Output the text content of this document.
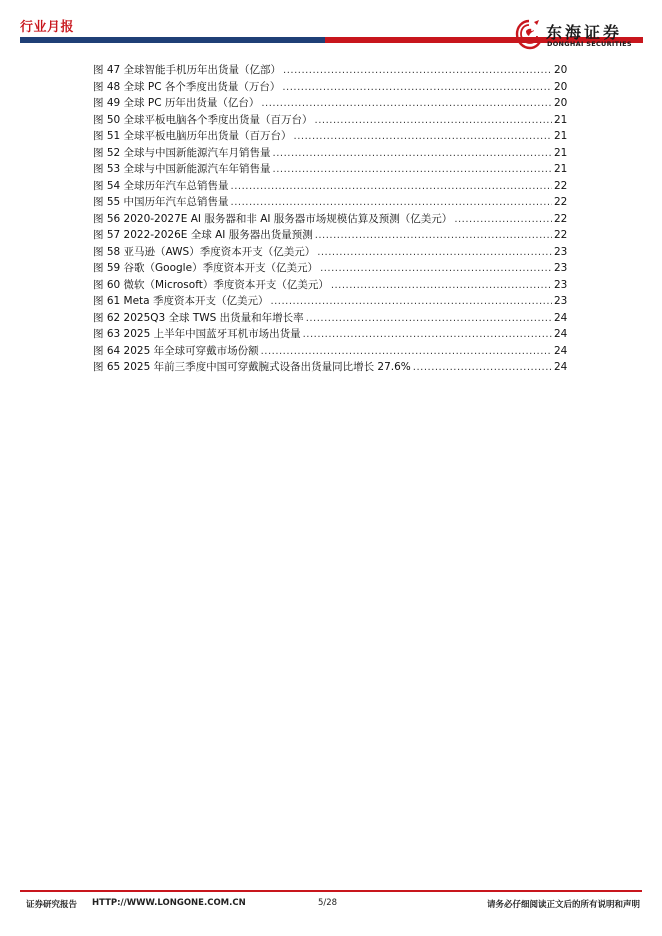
行业月报	东海证券
DONGHAI SECURITIES
图 47 全球智能手机历年出货量（亿部） .....	20
图 48 全球 PC 各个季度出货量（万台） .....	20
图 49 全球 PC 历年出货量（亿台） .....	20
图 50 全球平板电脑各个季度出货量（百万台） .....	21
图 51 全球平板电脑历年出货量（百万台） .....	21
图 52 全球与中国新能源汽车月销售量 .....	21
图 53 全球与中国新能源汽车年销售量 .....	21
图 54 全球历年汽车总销售量 .....	22
图 55 中国历年汽车总销售量 .....	22
图 56 2020-2027E AI 服务器和非 AI 服务器市场规模估算及预测（亿美元） .....	22
图 57 2022-2026E 全球 AI 服务器出货量预测 .....	22
图 58 亚马逊（AWS）季度资本开支（亿美元） .....	23
图 59 谷歌（Google）季度资本开支（亿美元） .....	23
图 60 微软（Microsoft）季度资本开支（亿美元） .....	23
图 61 Meta 季度资本开支（亿美元） .....	23
图 62 2025Q3 全球 TWS 出货量和年增长率 .....	24
图 63 2025 上半年中国蓝牙耳机市场出货量 .....	24
图 64 2025 年全球可穿戴市场份额 .....	24
图 65 2025 年前三季度中国可穿戴腕式设备出货量同比增长 27.6% .....	24
证券研究报告 HTTP://WWW.LONGONE.COM.CN	5/28	请务必仔细阅读正文后的所有说明和声明
